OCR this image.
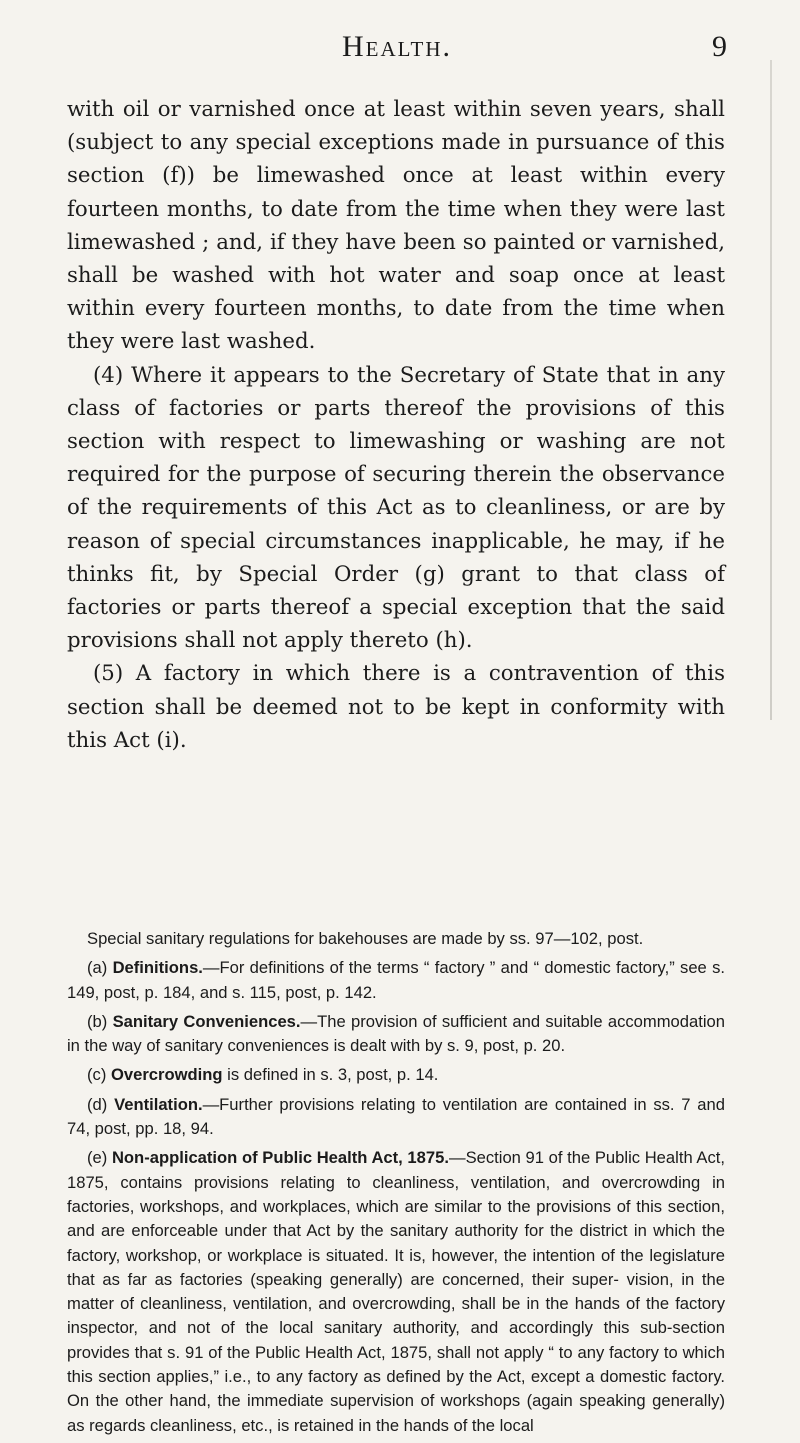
Health.	9

with oil or varnished once at least within seven years, shall (subject to any special exceptions made in pursuance of this section (f)) be limewashed once at least within every fourteen months, to date from the time when they were last limewashed ; and, if they have been so painted or varnished, shall be washed with hot water and soap once at least within every fourteen months, to date from the time when they were last washed.

(4) Where it appears to the Secretary of State that in any class of factories or parts thereof the provisions of this section with respect to limewashing or washing are not required for the purpose of securing therein the observance of the requirements of this Act as to cleanliness, or are by reason of special circumstances inapplicable, he may, if he thinks fit, by Special Order (g) grant to that class of factories or parts thereof a special exception that the said provisions shall not apply thereto (h).

(5) A factory in which there is a contravention of this section shall be deemed not to be kept in conformity with this Act (i).

Special sanitary regulations for bakehouses are made by ss. 97—102, post.

(a) Definitions.—For definitions of the terms “ factory ” and “ domestic factory,” see s. 149, post, p. 184, and s. 115, post, p. 142.

(b) Sanitary Conveniences.—The provision of sufficient and suitable accommodation in the way of sanitary conveniences is dealt with by s. 9, post, p. 20.

(c) Overcrowding is defined in s. 3, post, p. 14.

(d) Ventilation.—Further provisions relating to ventilation are contained in ss. 7 and 74, post, pp. 18, 94.

(e) Non-application of Public Health Act, 1875.—Section 91 of the Public Health Act, 1875, contains provisions relating to cleanliness, ventilation, and overcrowding in factories, workshops, and workplaces, which are similar to the provisions of this section, and are enforceable under that Act by the sanitary authority for the district in which the factory, workshop, or workplace is situated. It is, however, the intention of the legislature that as far as factories (speaking generally) are concerned, their super- vision, in the matter of cleanliness, ventilation, and overcrowding, shall be in the hands of the factory inspector, and not of the local sanitary authority, and accordingly this sub-section provides that s. 91 of the Public Health Act, 1875, shall not apply “ to any factory to which this section applies,” i.e., to any factory as defined by the Act, except a domestic factory. On the other hand, the immediate supervision of workshops (again speaking generally) as regards cleanliness, etc., is retained in the hands of the local
